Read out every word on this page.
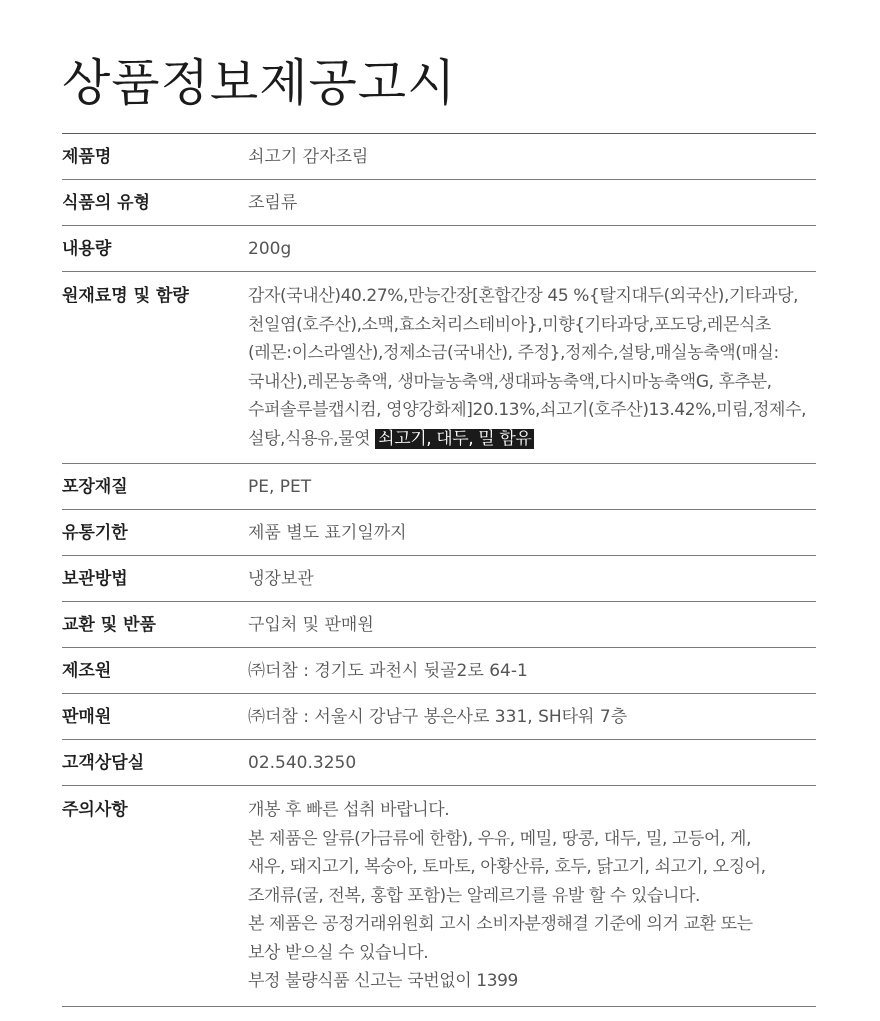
상품정보제공고시
제품명	쇠고기 감자조림
식품의 유형	조림류
내용량	200g
원재료명 및 함량	감자(국내산)40.27%,만능간장[혼합간장 45 %{탈지대두(외국산),기타과당,

천일염(호주산),소맥,효소처리스테비아},미향{기타과당,포도당,레몬식초

(레몬:이스라엘산),정제소금(국내산), 주정},정제수,설탕,매실농축액(매실:

국내산),레몬농축액, 생마늘농축액,생대파농축액,다시마농축액G, 후추분,

수퍼솔루블캡시컴, 영양강화제]20.13%,쇠고기(호주산)13.42%,미림,정제수,

설탕,식용유,물엿 쇠고기, 대두, 밀 함유

포장재질	PE, PET
유통기한	제품 별도 표기일까지
보관방법	냉장보관
교환 및 반품	구입처 및 판매원
제조원	㈜더참 : 경기도 과천시 뒷골2로 64-1
판매원	㈜더참 : 서울시 강남구 봉은사로 331, SH타워 7층
고객상담실	02.540.3250
주의사항	개봉 후 빠른 섭취 바랍니다.

본 제품은 알류(가금류에 한함), 우유, 메밀, 땅콩, 대두, 밀, 고등어, 게,

새우, 돼지고기, 복숭아, 토마토, 아황산류, 호두, 닭고기, 쇠고기, 오징어,

조개류(굴, 전복, 홍합 포함)는 알레르기를 유발 할 수 있습니다.

본 제품은 공정거래위원회 고시 소비자분쟁해결 기준에 의거 교환 또는

보상 받으실 수 있습니다.

부정 불량식품 신고는 국번없이 1399
